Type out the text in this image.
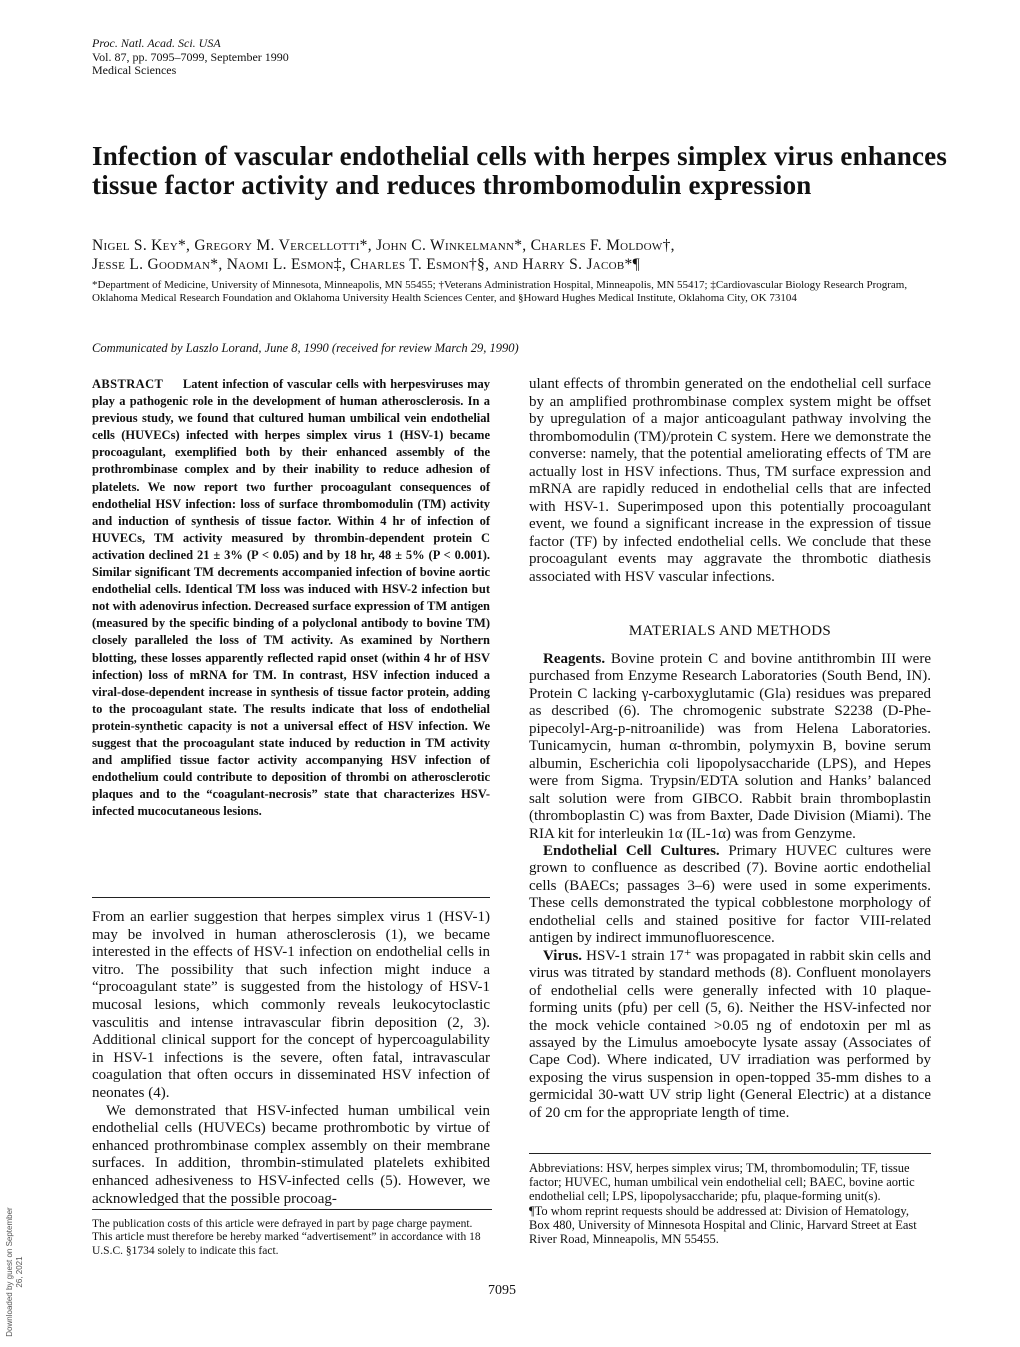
Proc. Natl. Acad. Sci. USA
Vol. 87, pp. 7095–7099, September 1990
Medical Sciences
Infection of vascular endothelial cells with herpes simplex virus enhances tissue factor activity and reduces thrombomodulin expression
Nigel S. Key*, Gregory M. Vercellotti*, John C. Winkelmann*, Charles F. Moldow†,
Jesse L. Goodman*, Naomi L. Esmon‡, Charles T. Esmon†§, and Harry S. Jacob*¶
*Department of Medicine, University of Minnesota, Minneapolis, MN 55455; †Veterans Administration Hospital, Minneapolis, MN 55417; ‡Cardiovascular Biology Research Program, Oklahoma Medical Research Foundation and Oklahoma University Health Sciences Center, and §Howard Hughes Medical Institute, Oklahoma City, OK 73104
Communicated by Laszlo Lorand, June 8, 1990 (received for review March 29, 1990)
ABSTRACT Latent infection of vascular cells with herpesviruses may play a pathogenic role in the development of human atherosclerosis. In a previous study, we found that cultured human umbilical vein endothelial cells (HUVECs) infected with herpes simplex virus 1 (HSV-1) became procoagulant, exemplified both by their enhanced assembly of the prothrombinase complex and by their inability to reduce adhesion of platelets. We now report two further procoagulant consequences of endothelial HSV infection: loss of surface thrombomodulin (TM) activity and induction of synthesis of tissue factor. Within 4 hr of infection of HUVECs, TM activity measured by thrombin-dependent protein C activation declined 21 ± 3% (P < 0.05) and by 18 hr, 48 ± 5% (P < 0.001). Similar significant TM decrements accompanied infection of bovine aortic endothelial cells. Identical TM loss was induced with HSV-2 infection but not with adenovirus infection. Decreased surface expression of TM antigen (measured by the specific binding of a polyclonal antibody to bovine TM) closely paralleled the loss of TM activity. As examined by Northern blotting, these losses apparently reflected rapid onset (within 4 hr of HSV infection) loss of mRNA for TM. In contrast, HSV infection induced a viral-dose-dependent increase in synthesis of tissue factor protein, adding to the procoagulant state. The results indicate that loss of endothelial protein-synthetic capacity is not a universal effect of HSV infection. We suggest that the procoagulant state induced by reduction in TM activity and amplified tissue factor activity accompanying HSV infection of endothelium could contribute to deposition of thrombi on atherosclerotic plaques and to the “coagulant-necrosis” state that characterizes HSV-infected mucocutaneous lesions.

From an earlier suggestion that herpes simplex virus 1 (HSV-1) may be involved in human atherosclerosis (1), we became interested in the effects of HSV-1 infection on endothelial cells in vitro. The possibility that such infection might induce a “procoagulant state” is suggested from the histology of HSV-1 mucosal lesions, which commonly reveals leukocytoclastic vasculitis and intense intravascular fibrin deposition (2, 3). Additional clinical support for the concept of hypercoagulability in HSV-1 infections is the severe, often fatal, intravascular coagulation that often occurs in disseminated HSV infection of neonates (4).

We demonstrated that HSV-infected human umbilical vein endothelial cells (HUVECs) became prothrombotic by virtue of enhanced prothrombinase complex assembly on their membrane surfaces. In addition, thrombin-stimulated platelets exhibited enhanced adhesiveness to HSV-infected cells (5). However, we acknowledged that the possible procoag-

The publication costs of this article were defrayed in part by page charge payment. This article must therefore be hereby marked “advertisement” in accordance with 18 U.S.C. §1734 solely to indicate this fact.
ulant effects of thrombin generated on the endothelial cell surface by an amplified prothrombinase complex system might be offset by upregulation of a major anticoagulant pathway involving the thrombomodulin (TM)/protein C system. Here we demonstrate the converse: namely, that the potential ameliorating effects of TM are actually lost in HSV infections. Thus, TM surface expression and mRNA are rapidly reduced in endothelial cells that are infected with HSV-1. Superimposed upon this potentially procoagulant event, we found a significant increase in the expression of tissue factor (TF) by infected endothelial cells. We conclude that these procoagulant events may aggravate the thrombotic diathesis associated with HSV vascular infections.
MATERIALS AND METHODS

Reagents. Bovine protein C and bovine antithrombin III were purchased from Enzyme Research Laboratories (South Bend, IN). Protein C lacking γ-carboxyglutamic (Gla) residues was prepared as described (6). The chromogenic substrate S2238 (D-Phe-pipecolyl-Arg-p-nitroanilide) was from Helena Laboratories. Tunicamycin, human α-thrombin, polymyxin B, bovine serum albumin, Escherichia coli lipopolysaccharide (LPS), and Hepes were from Sigma. Trypsin/EDTA solution and Hanks’ balanced salt solution were from GIBCO. Rabbit brain thromboplastin (thromboplastin C) was from Baxter, Dade Division (Miami). The RIA kit for interleukin 1α (IL-1α) was from Genzyme.

Endothelial Cell Cultures. Primary HUVEC cultures were grown to confluence as described (7). Bovine aortic endothelial cells (BAECs; passages 3–6) were used in some experiments. These cells demonstrated the typical cobblestone morphology of endothelial cells and stained positive for factor VIII-related antigen by indirect immunofluorescence.

Virus. HSV-1 strain 17⁺ was propagated in rabbit skin cells and virus was titrated by standard methods (8). Confluent monolayers of endothelial cells were generally infected with 10 plaque-forming units (pfu) per cell (5, 6). Neither the HSV-infected nor the mock vehicle contained >0.05 ng of endotoxin per ml as assayed by the Limulus amoebocyte lysate assay (Associates of Cape Cod). Where indicated, UV irradiation was performed by exposing the virus suspension in open-topped 35-mm dishes to a germicidal 30-watt UV strip light (General Electric) at a distance of 20 cm for the appropriate length of time.

Abbreviations: HSV, herpes simplex virus; TM, thrombomodulin; TF, tissue factor; HUVEC, human umbilical vein endothelial cell; BAEC, bovine aortic endothelial cell; LPS, lipopolysaccharide; pfu, plaque-forming unit(s).

¶To whom reprint requests should be addressed at: Division of Hematology, Box 480, University of Minnesota Hospital and Clinic, Harvard Street at East River Road, Minneapolis, MN 55455.

7095
Downloaded by guest on September 26, 2021
